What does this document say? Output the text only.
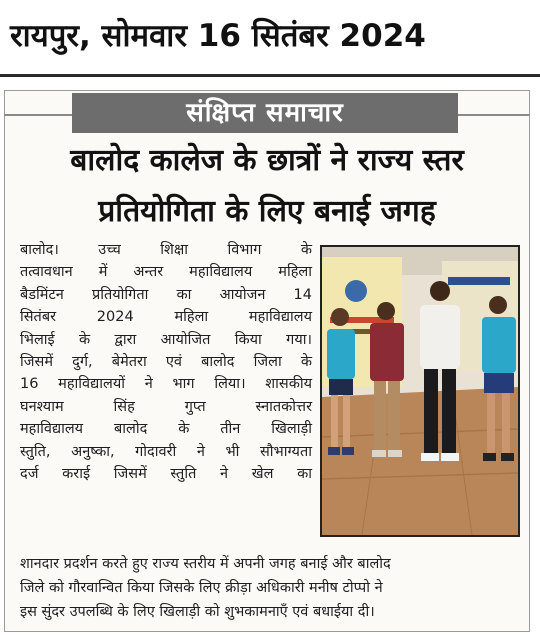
रायपुर, सोमवार 16 सितंबर 2024
संक्षिप्त समाचार
बालोद कालेज के छात्रों ने राज्य स्तर
प्रतियोगिता के लिए बनाई जगह
बालोद। उच्च शिक्षा विभाग के
तत्वावधान में अन्तर महाविद्यालय महिला
बैडमिंटन प्रतियोगिता का आयोजन 14
सितंबर 2024 महिला महाविद्यालय
भिलाई के द्वारा आयोजित किया गया।
जिसमें दुर्ग, बेमेतरा एवं बालोद जिला के
16 महाविद्यालयों ने भाग लिया। शासकीय
घनश्याम सिंह गुप्त स्नातकोत्तर
महाविद्यालय बालोद के तीन खिलाड़ी
स्तुति, अनुष्का, गोदावरी ने भी सौभाग्यता
दर्ज कराई जिसमें स्तुति ने खेल का
शानदार प्रदर्शन करते हुए राज्य स्तरीय में अपनी जगह बनाई और बालोद
जिले को गौरवान्वित किया जिसके लिए क्रीड़ा अधिकारी मनीष टोप्पो ने
इस सुंदर उपलब्धि के लिए खिलाड़ी को शुभकामनाएँ एवं बधाईया दी।
